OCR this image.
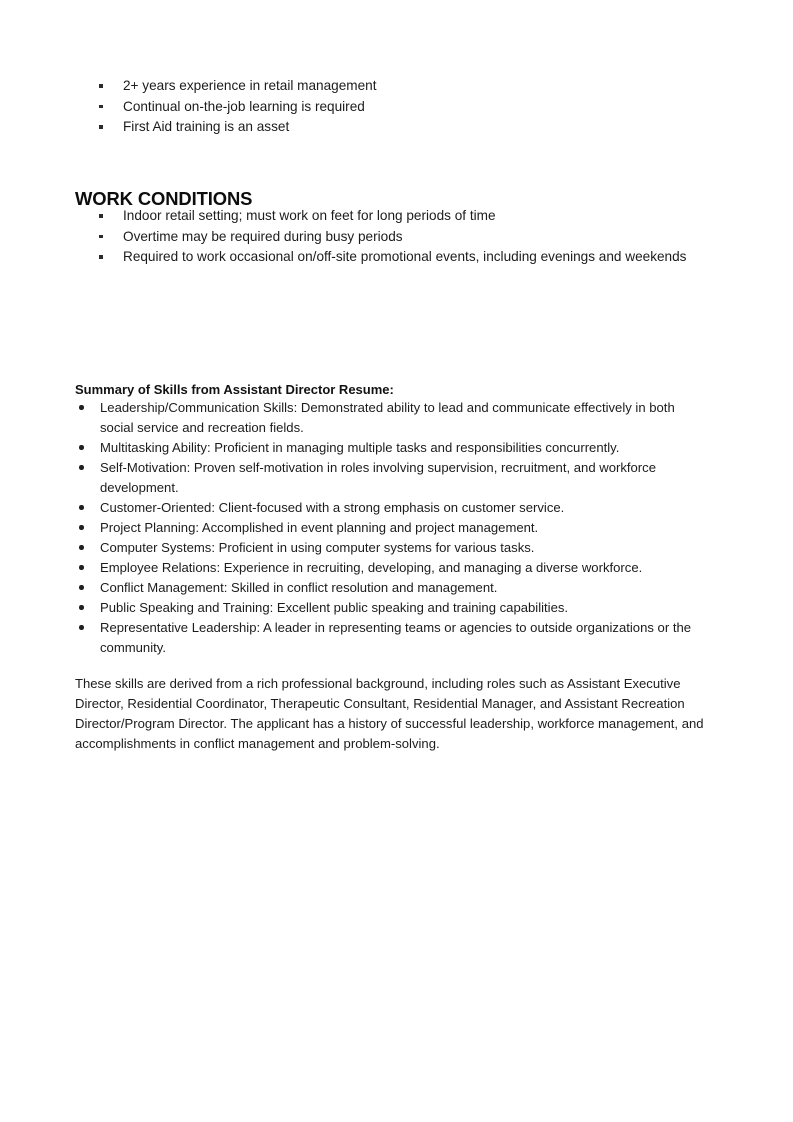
2+ years experience in retail management
Continual on-the-job learning is required
First Aid training is an asset
WORK CONDITIONS
Indoor retail setting; must work on feet for long periods of time
Overtime may be required during busy periods
Required to work occasional on/off-site promotional events, including evenings and weekends
Summary of Skills from Assistant Director Resume:
Leadership/Communication Skills: Demonstrated ability to lead and communicate effectively in both social service and recreation fields.
Multitasking Ability: Proficient in managing multiple tasks and responsibilities concurrently.
Self-Motivation: Proven self-motivation in roles involving supervision, recruitment, and workforce development.
Customer-Oriented: Client-focused with a strong emphasis on customer service.
Project Planning: Accomplished in event planning and project management.
Computer Systems: Proficient in using computer systems for various tasks.
Employee Relations: Experience in recruiting, developing, and managing a diverse workforce.
Conflict Management: Skilled in conflict resolution and management.
Public Speaking and Training: Excellent public speaking and training capabilities.
Representative Leadership: A leader in representing teams or agencies to outside organizations or the community.

These skills are derived from a rich professional background, including roles such as Assistant Executive Director, Residential Coordinator, Therapeutic Consultant, Residential Manager, and Assistant Recreation Director/Program Director. The applicant has a history of successful leadership, workforce management, and accomplishments in conflict management and problem-solving.
